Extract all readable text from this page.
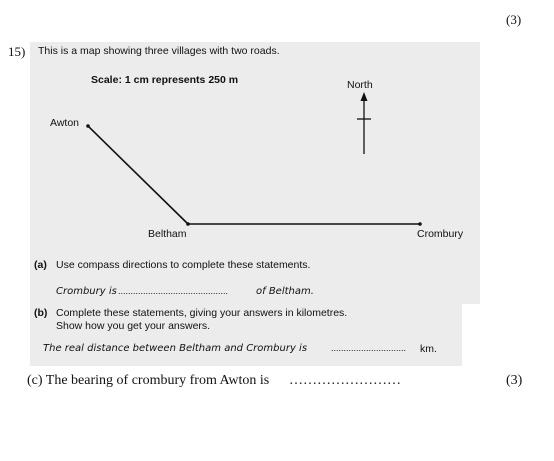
(3)
15) This is a map showing three villages with two roads.
Scale: 1 cm represents 250 m	North
Awton
Beltham	Crombury
(a) Use compass directions to complete these statements.
Crombury is ............................................	of Beltham.
(b) Complete these statements, giving your answers in kilometres.
Show how you get your answers.
The real distance between Beltham and Crombury is	.............................. km.
(c) The bearing of crombury from Awton is ……………………	(3)
